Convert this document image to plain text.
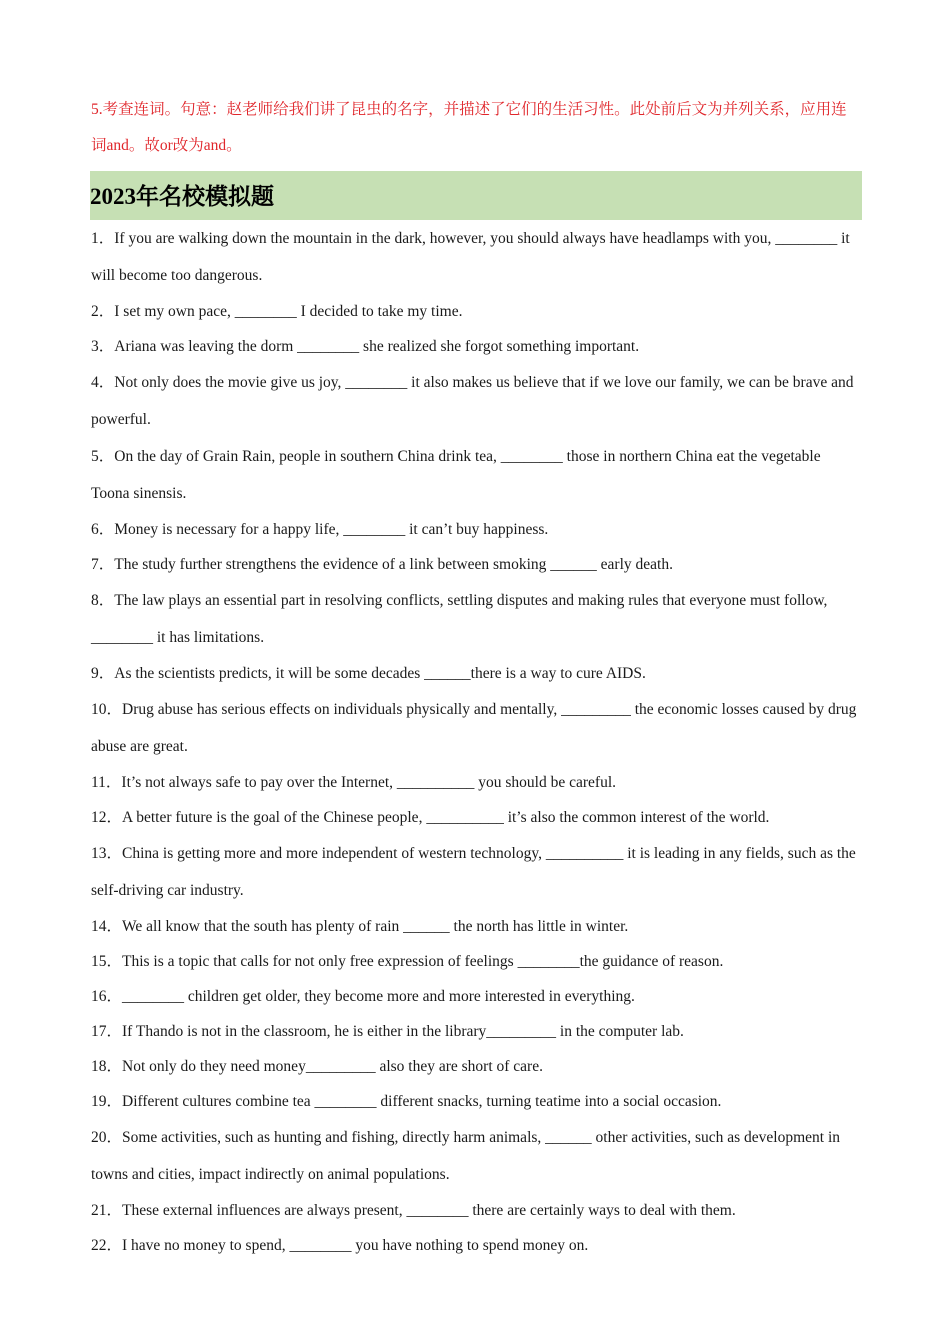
5.考查连词。句意：赵老师给我们讲了昆虫的名字，并描述了它们的生活习性。此处前后文为并列关系，应用连词and。故or改为and。

2023年名校模拟题

1．If you are walking down the mountain in the dark, however, you should always have headlamps with you, ________ it will become too dangerous.

2．I set my own pace, ________ I decided to take my time.

3．Ariana was leaving the dorm ________ she realized she forgot something important.

4．Not only does the movie give us joy, ________ it also makes us believe that if we love our family, we can be brave and powerful.

5．On the day of Grain Rain, people in southern China drink tea, ________ those in northern China eat the vegetable Toona sinensis.

6．Money is necessary for a happy life, ________ it can’t buy happiness.

7．The study further strengthens the evidence of a link between smoking ______ early death.

8．The law plays an essential part in resolving conflicts, settling disputes and making rules that everyone must follow, ________ it has limitations.

9．As the scientists predicts, it will be some decades ______there is a way to cure AIDS.

10．Drug abuse has serious effects on individuals physically and mentally, _________ the economic losses caused by drug abuse are great.

11．It’s not always safe to pay over the Internet, __________ you should be careful.

12．A better future is the goal of the Chinese people, __________ it’s also the common interest of the world.

13．China is getting more and more independent of western technology, __________ it is leading in any fields, such as the self-driving car industry.

14．We all know that the south has plenty of rain ______ the north has little in winter.

15．This is a topic that calls for not only free expression of feelings ________the guidance of reason.

16．________ children get older, they become more and more interested in everything.

17．If Thando is not in the classroom, he is either in the library_________ in the computer lab.

18．Not only do they need money_________ also they are short of care.

19．Different cultures combine tea ________ different snacks, turning teatime into a social occasion.

20．Some activities, such as hunting and fishing, directly harm animals, ______ other activities, such as development in towns and cities, impact indirectly on animal populations.

21．These external influences are always present, ________ there are certainly ways to deal with them.

22．I have no money to spend, ________ you have nothing to spend money on.
